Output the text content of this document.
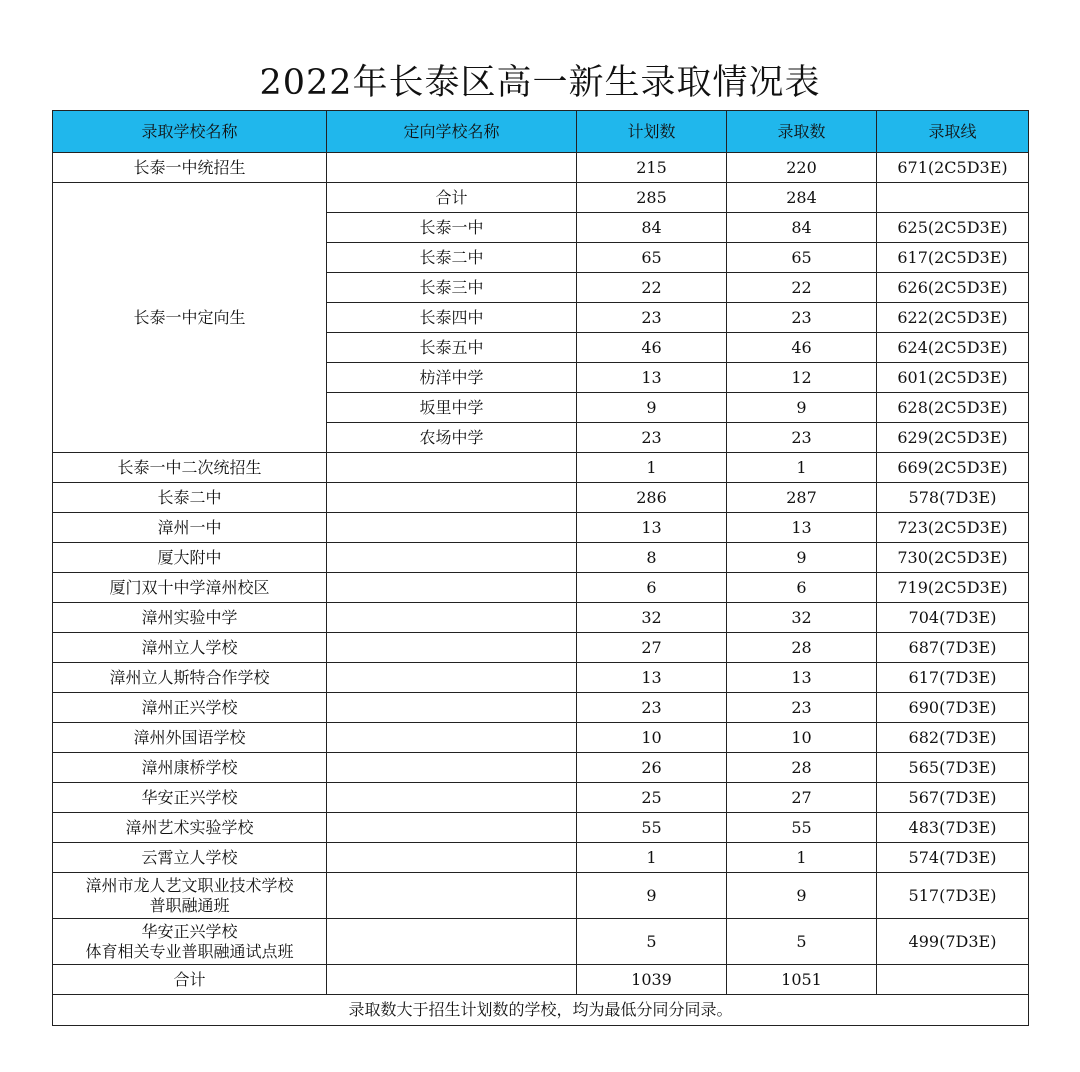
2022年长泰区高一新生录取情况表
录取学校名称	定向学校名称	计划数	录取数	录取线
长泰一中统招生		215	220	671(2C5D3E)
长泰一中定向生	合计	285	284	
	长泰一中	84	84	625(2C5D3E)
	长泰二中	65	65	617(2C5D3E)
	长泰三中	22	22	626(2C5D3E)
	长泰四中	23	23	622(2C5D3E)
	长泰五中	46	46	624(2C5D3E)
	枋洋中学	13	12	601(2C5D3E)
	坂里中学	9	9	628(2C5D3E)
	农场中学	23	23	629(2C5D3E)
长泰一中二次统招生		1	1	669(2C5D3E)
长泰二中		286	287	578(7D3E)
漳州一中		13	13	723(2C5D3E)
厦大附中		8	9	730(2C5D3E)
厦门双十中学漳州校区		6	6	719(2C5D3E)
漳州实验中学		32	32	704(7D3E)
漳州立人学校		27	28	687(7D3E)
漳州立人斯特合作学校		13	13	617(7D3E)
漳州正兴学校		23	23	690(7D3E)
漳州外国语学校		10	10	682(7D3E)
漳州康桥学校		26	28	565(7D3E)
华安正兴学校		25	27	567(7D3E)
漳州艺术实验学校		55	55	483(7D3E)
云霄立人学校		1	1	574(7D3E)

漳州市龙人艺文职业技术学校
普职融通班		9	9	517(7D3E)

华安正兴学校
体育相关专业普职融通试点班		5	5	499(7D3E)
合计		1039	1051	
录取数大于招生计划数的学校，均为最低分同分同录。				
